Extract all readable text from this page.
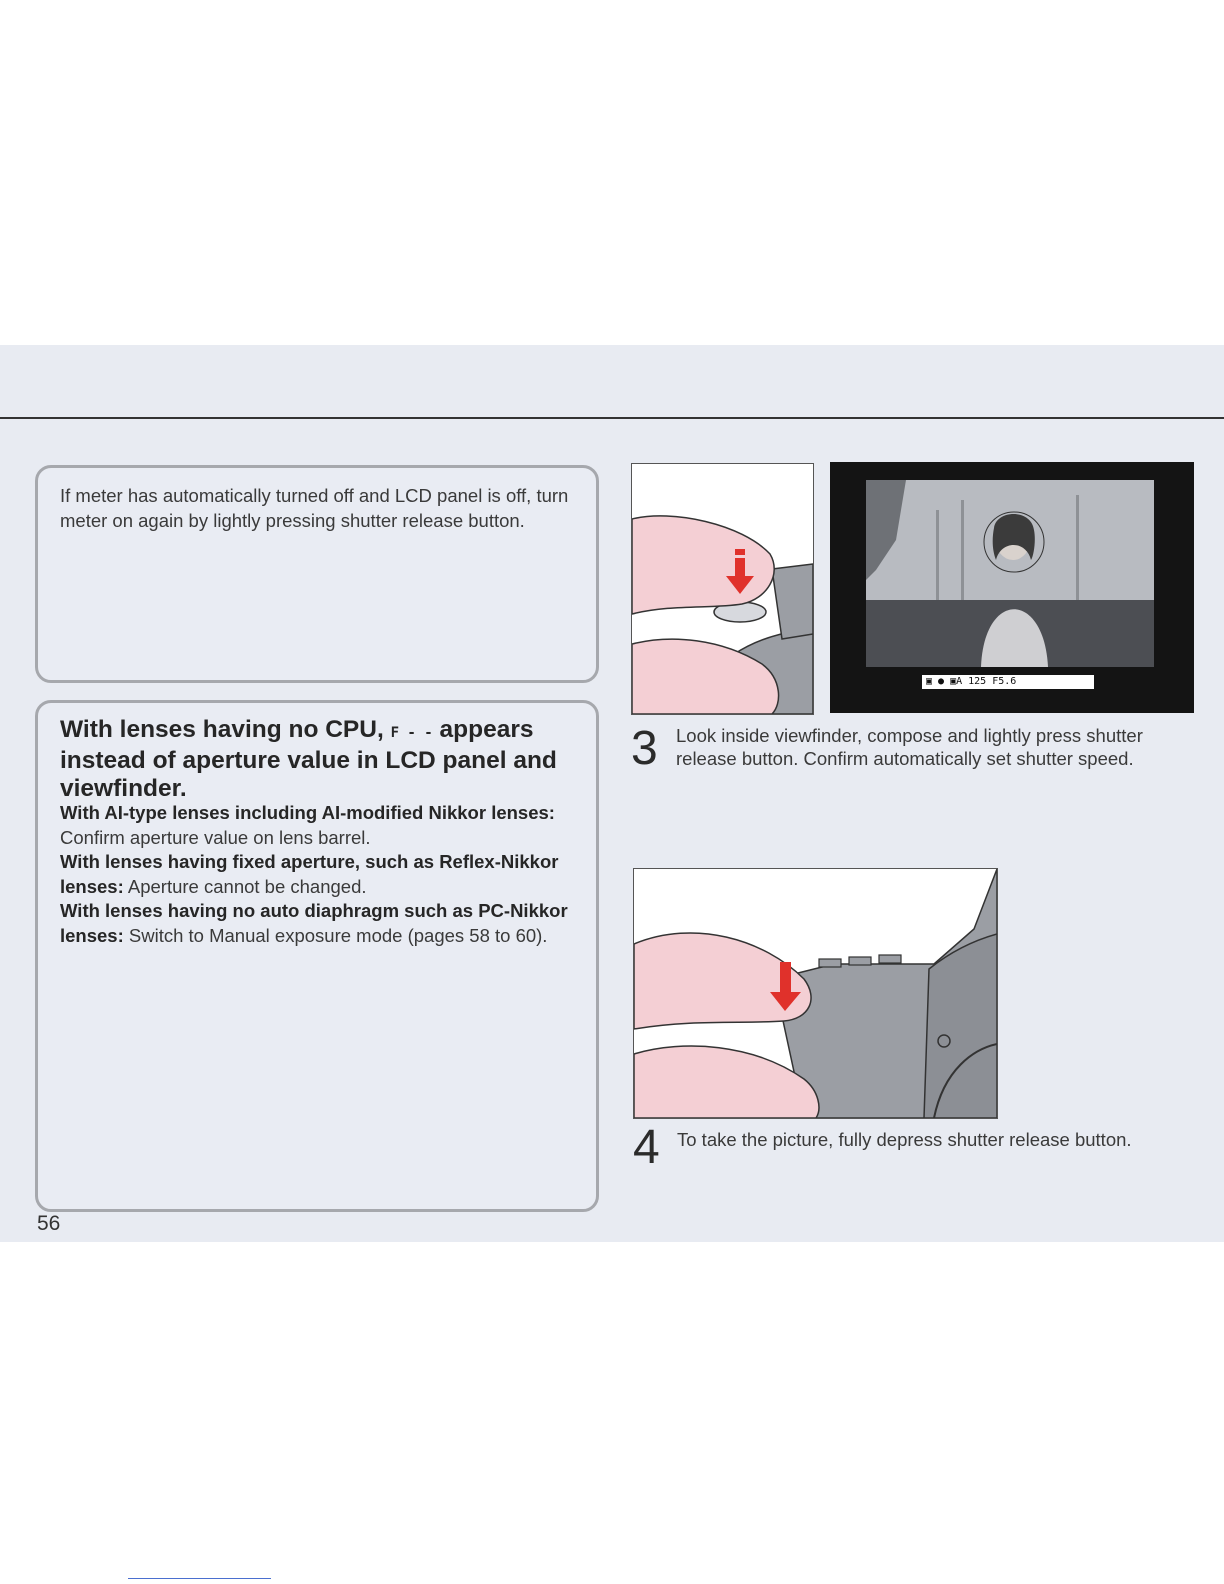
If meter has automatically turned off and LCD panel is off, turn meter on again by lightly pressing shutter release button.
With lenses having no CPU, F - - appears instead of aperture value in LCD panel and viewfinder.
With AI-type lenses including AI-modified Nikkor lenses: Confirm aperture value on lens barrel.
With lenses having fixed aperture, such as Reflex-Nikkor lenses: Aperture cannot be changed.
With lenses having no auto diaphragm such as PC-Nikkor lenses: Switch to Manual exposure mode (pages 58 to 60).
▣ ● ▣A 125 F5.6
3 Look inside viewfinder, compose and lightly press shutter release button. Confirm automatically set shutter speed.
4 To take the picture, fully depress shutter release button.
56
